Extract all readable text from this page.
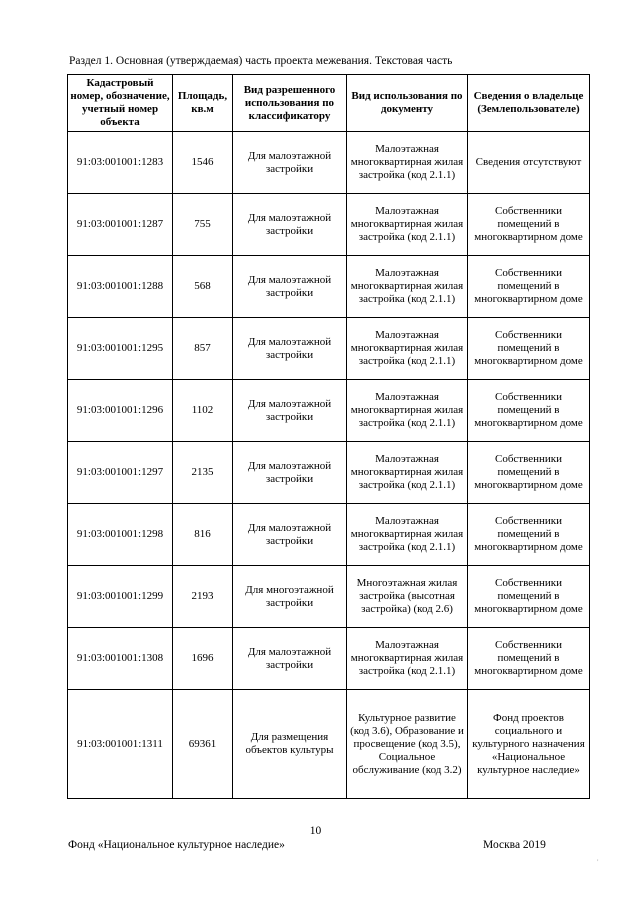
Раздел 1. Основная (утверждаемая) часть проекта межевания. Текстовая часть
Кадастровый номер, обозначение, учетный номер объекта	Площадь, кв.м	Вид разрешенного использования по классификатору	Вид использования по документу	Сведения о владельце (Землепользователе)
91:03:001001:1283	1546	Для малоэтажной застройки	Малоэтажная многоквартирная жилая застройка (код 2.1.1)	Сведения отсутствуют
91:03:001001:1287	755	Для малоэтажной застройки	Малоэтажная многоквартирная жилая застройка (код 2.1.1)	Собственники помещений в многоквартирном доме
91:03:001001:1288	568	Для малоэтажной застройки	Малоэтажная многоквартирная жилая застройка (код 2.1.1)	Собственники помещений в многоквартирном доме
91:03:001001:1295	857	Для малоэтажной застройки	Малоэтажная многоквартирная жилая застройка (код 2.1.1)	Собственники помещений в многоквартирном доме
91:03:001001:1296	1102	Для малоэтажной застройки	Малоэтажная многоквартирная жилая застройка (код 2.1.1)	Собственники помещений в многоквартирном доме
91:03:001001:1297	2135	Для малоэтажной застройки	Малоэтажная многоквартирная жилая застройка (код 2.1.1)	Собственники помещений в многоквартирном доме
91:03:001001:1298	816	Для малоэтажной застройки	Малоэтажная многоквартирная жилая застройка (код 2.1.1)	Собственники помещений в многоквартирном доме
91:03:001001:1299	2193	Для многоэтажной застройки	Многоэтажная жилая застройка (высотная застройка) (код 2.6)	Собственники помещений в многоквартирном доме
91:03:001001:1308	1696	Для малоэтажной застройки	Малоэтажная многоквартирная жилая застройка (код 2.1.1)	Собственники помещений в многоквартирном доме
91:03:001001:1311	69361	Для размещения объектов культуры	Культурное развитие (код 3.6), Образование и просвещение (код 3.5), Социальное обслуживание (код 3.2)	Фонд проектов социального и культурного назначения «Национальное культурное наследие»
10
Фонд «Национальное культурное наследие»	Москва 2019
,
